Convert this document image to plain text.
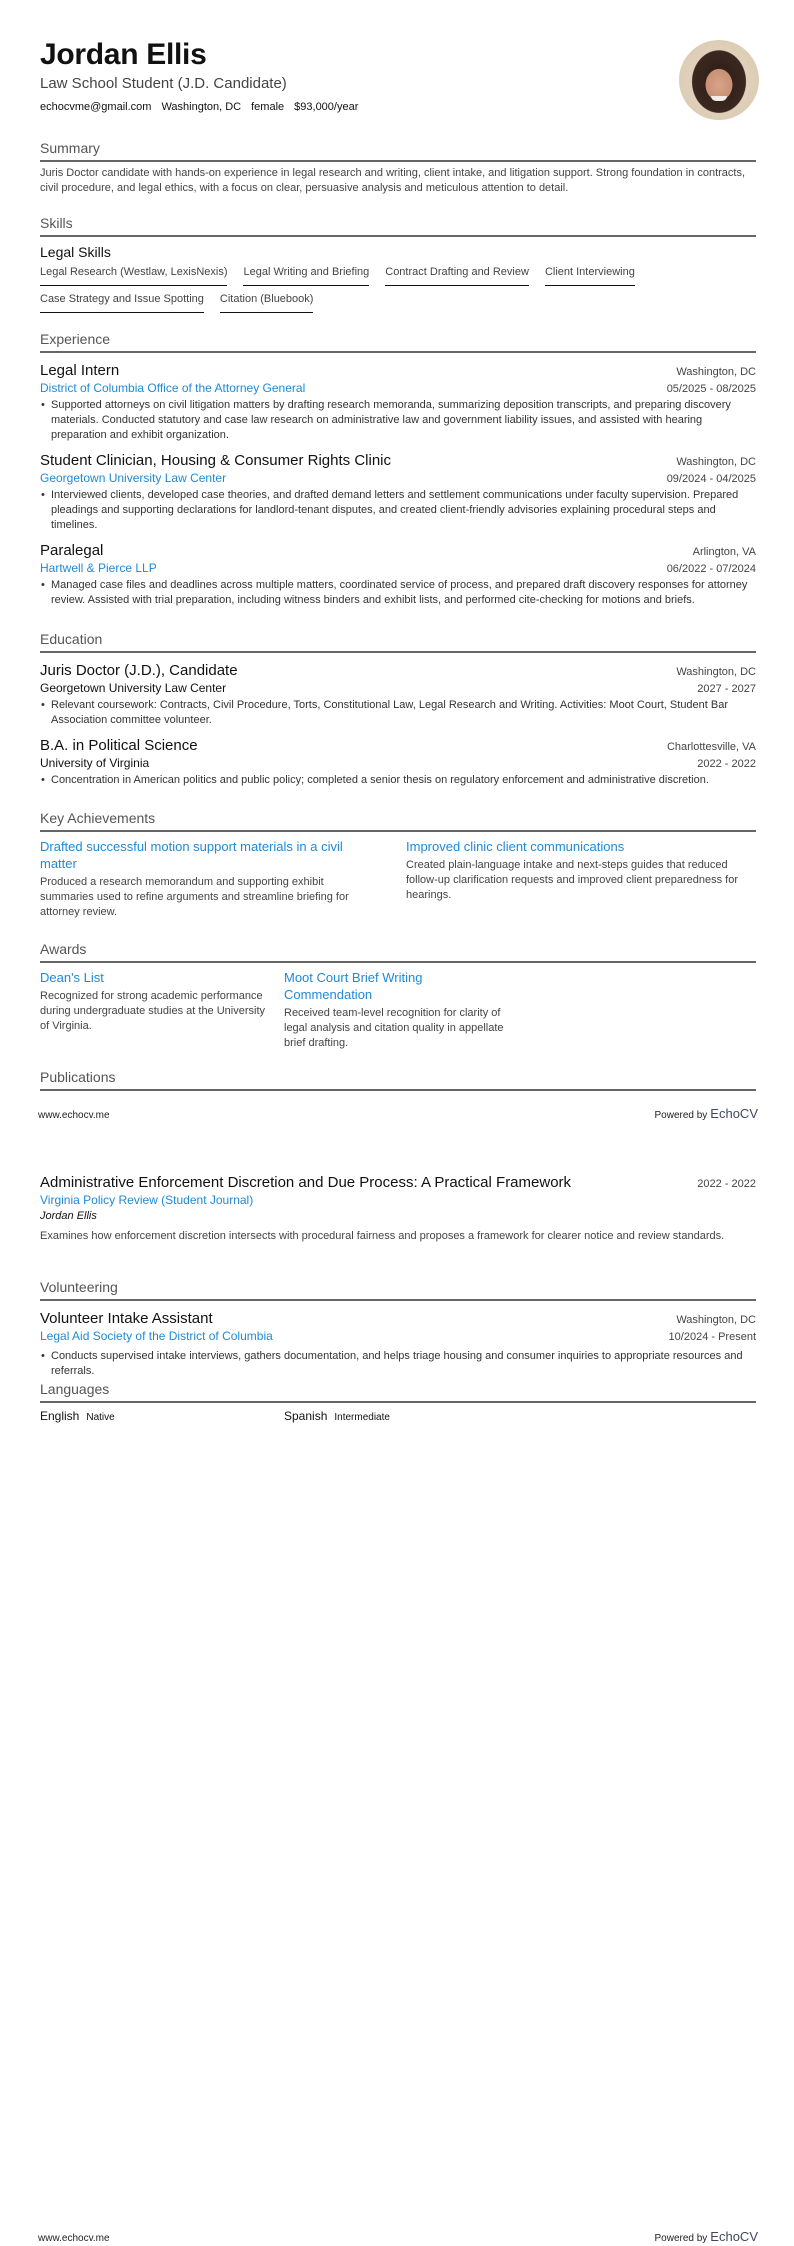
Jordan Ellis
Law School Student (J.D. Candidate)
echocvme@gmail.com Washington, DC female $93,000/year
Summary

Juris Doctor candidate with hands-on experience in legal research and writing, client intake, and litigation support. Strong foundation in contracts, civil procedure, and legal ethics, with a focus on clear, persuasive analysis and meticulous attention to detail.

Skills
Legal Skills
Legal Research (Westlaw, LexisNexis) Legal Writing and Briefing Contract Drafting and Review Client Interviewing
Case Strategy and Issue Spotting Citation (Bluebook)
Experience
Legal Intern	Washington, DC
District of Columbia Office of the Attorney General	05/2025 - 08/2025
• Supported attorneys on civil litigation matters by drafting research memoranda, summarizing deposition transcripts, and preparing discovery materials. Conducted statutory and case law research on administrative law and government liability issues, and assisted with hearing preparation and exhibit organization.
Student Clinician, Housing & Consumer Rights Clinic	Washington, DC
Georgetown University Law Center	09/2024 - 04/2025
• Interviewed clients, developed case theories, and drafted demand letters and settlement communications under faculty supervision. Prepared pleadings and supporting declarations for landlord-tenant disputes, and created client-friendly advisories explaining procedural steps and timelines.
Paralegal	Arlington, VA
Hartwell & Pierce LLP	06/2022 - 07/2024
• Managed case files and deadlines across multiple matters, coordinated service of process, and prepared draft discovery responses for attorney review. Assisted with trial preparation, including witness binders and exhibit lists, and performed cite-checking for motions and briefs.
Education
Juris Doctor (J.D.), Candidate	Washington, DC
Georgetown University Law Center	2027 - 2027
• Relevant coursework: Contracts, Civil Procedure, Torts, Constitutional Law, Legal Research and Writing. Activities: Moot Court, Student Bar Association committee volunteer.
B.A. in Political Science	Charlottesville, VA
University of Virginia	2022 - 2022
• Concentration in American politics and public policy; completed a senior thesis on regulatory enforcement and administrative discretion.
Key Achievements
Drafted successful motion support materials in a civil matter
Produced a research memorandum and supporting exhibit summaries used to refine arguments and streamline briefing for attorney review.
Improved clinic client communications
Created plain-language intake and next-steps guides that reduced follow-up clarification requests and improved client preparedness for hearings.
Awards
Dean's List
Recognized for strong academic performance during undergraduate studies at the University of Virginia.
Moot Court Brief Writing Commendation
Received team-level recognition for clarity of legal analysis and citation quality in appellate brief drafting.
Publications
www.echocv.me	Powered by EchoCV
Administrative Enforcement Discretion and Due Process: A Practical Framework	2022 - 2022
Virginia Policy Review (Student Journal)
Jordan Ellis
Examines how enforcement discretion intersects with procedural fairness and proposes a framework for clearer notice and review standards.
Volunteering
Volunteer Intake Assistant	Washington, DC
Legal Aid Society of the District of Columbia	10/2024 - Present
• Conducts supervised intake interviews, gathers documentation, and helps triage housing and consumer inquiries to appropriate resources and referrals.
Languages
English Native	Spanish Intermediate
www.echocv.me	Powered by EchoCV
